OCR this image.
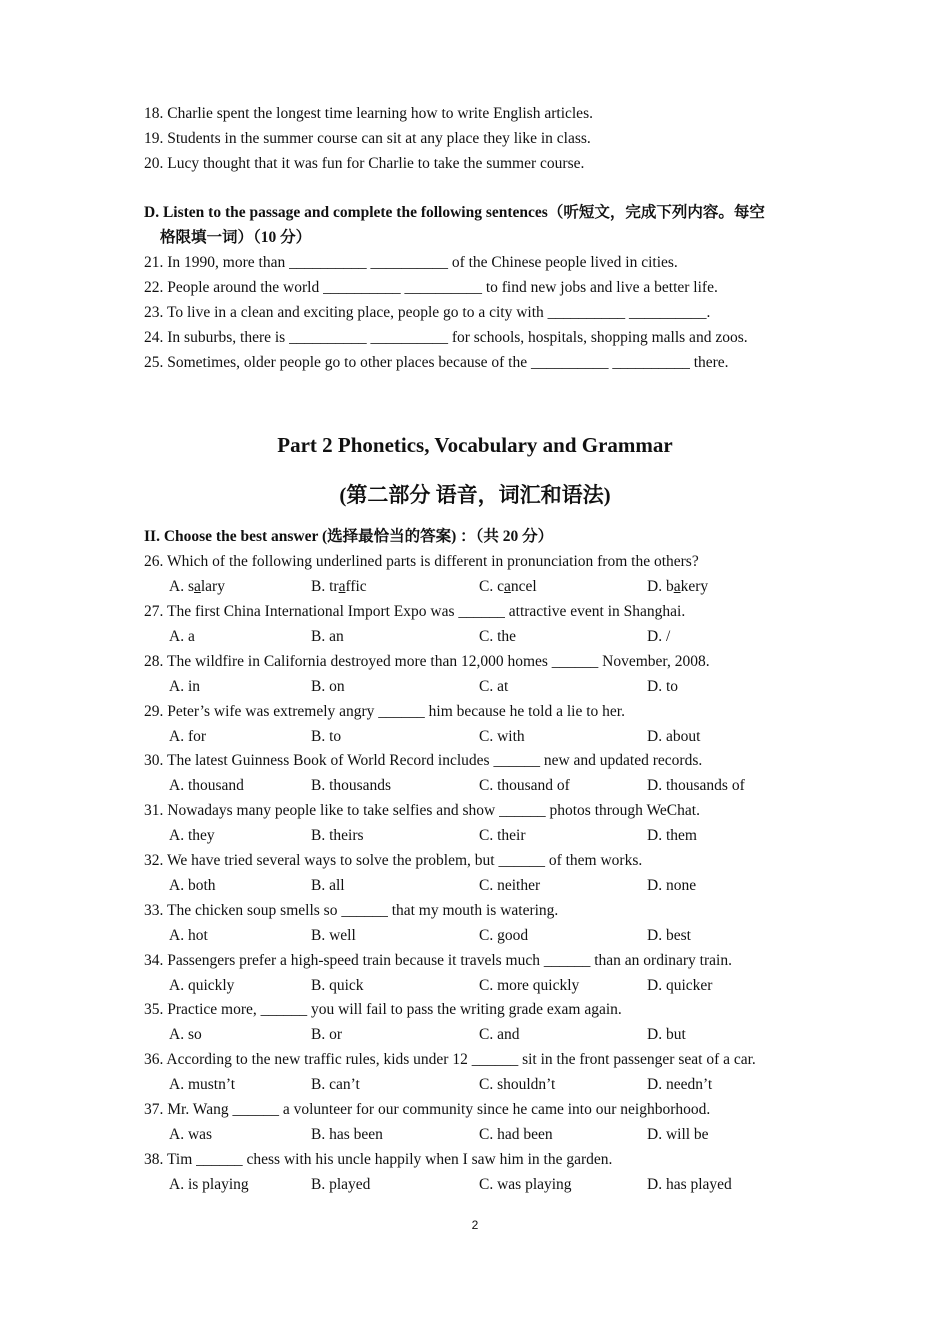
18. Charlie spent the longest time learning how to write English articles.
19. Students in the summer course can sit at any place they like in class.
20. Lucy thought that it was fun for Charlie to take the summer course.
D. Listen to the passage and complete the following sentences（听短文，完成下列内容。每空
格限填一词）（10 分）
21. In 1990, more than __________ __________ of the Chinese people lived in cities.
22. People around the world __________ __________ to find new jobs and live a better life.
23. To live in a clean and exciting place, people go to a city with __________ __________.
24. In suburbs, there is __________ __________ for schools, hospitals, shopping malls and zoos.
25. Sometimes, older people go to other places because of the __________ __________ there.
Part 2 Phonetics, Vocabulary and Grammar
(第二部分 语音，词汇和语法)
II. Choose the best answer (选择最恰当的答案) ：（共 20 分）
26. Which of the following underlined parts is different in pronunciation from the others?
A. salary	B. traffic	C. cancel	D. bakery
27. The first China International Import Expo was ______ attractive event in Shanghai.
A. a	B. an	C. the	D. /
28. The wildfire in California destroyed more than 12,000 homes ______ November, 2008.
A. in	B. on	C. at	D. to
29. Peter’s wife was extremely angry ______ him because he told a lie to her.
A. for	B. to	C. with	D. about
30. The latest Guinness Book of World Record includes ______ new and updated records.
A. thousand	B. thousands	C. thousand of	D. thousands of
31. Nowadays many people like to take selfies and show ______ photos through WeChat.
A. they	B. theirs	C. their	D. them
32. We have tried several ways to solve the problem, but ______ of them works.
A. both	B. all	C. neither	D. none
33. The chicken soup smells so ______ that my mouth is watering.
A. hot	B. well	C. good	D. best
34. Passengers prefer a high-speed train because it travels much ______ than an ordinary train.
A. quickly	B. quick	C. more quickly	D. quicker
35. Practice more, ______ you will fail to pass the writing grade exam again.
A. so	B. or	C. and	D. but
36. According to the new traffic rules, kids under 12 ______ sit in the front passenger seat of a car.
A. mustn’t	B. can’t	C. shouldn’t	D. needn’t
37. Mr. Wang ______ a volunteer for our community since he came into our neighborhood.
A. was	B. has been	C. had been	D. will be
38. Tim ______ chess with his uncle happily when I saw him in the garden.
A. is playing	B. played	C. was playing	D. has played
2
